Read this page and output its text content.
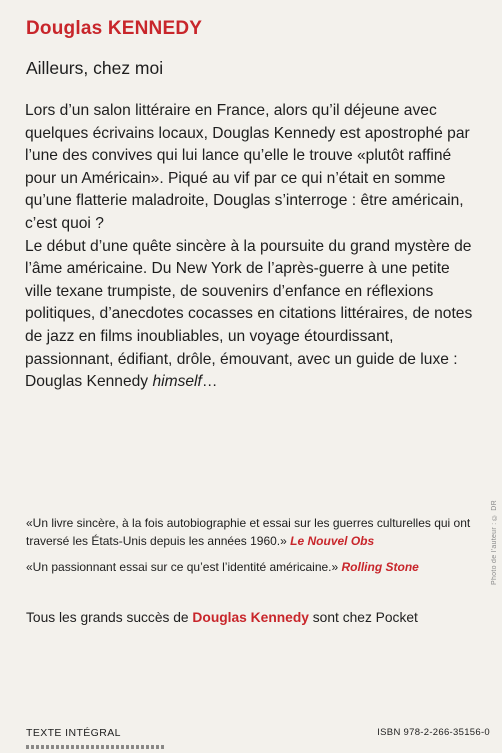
Douglas KENNEDY
Ailleurs, chez moi

Lors d’un salon littéraire en France, alors qu’il déjeune avec quelques écrivains locaux, Douglas Kennedy est apostrophé par l’une des convives qui lui lance qu’elle le trouve «plutôt raffiné pour un Américain». Piqué au vif par ce qui n’était en somme qu’une flatterie maladroite, Douglas s’interroge : être américain, c’est quoi ?

Le début d’une quête sincère à la poursuite du grand mystère de l’âme américaine. Du New York de l’après-guerre à une petite ville texane trumpiste, de souvenirs d’enfance en réflexions politiques, d’anecdotes cocasses en citations littéraires, de notes de jazz en films inoubliables, un voyage étourdissant, passionnant, édifiant, drôle, émouvant, avec un guide de luxe : Douglas Kennedy himself…

«Un livre sincère, à la fois autobiographie et essai sur les guerres culturelles qui ont traversé les États-Unis depuis les années 1960.» Le Nouvel Obs
«Un passionnant essai sur ce qu’est l’identité américaine.» Rolling Stone
Tous les grands succès de Douglas Kennedy sont chez Pocket
Photo de l’auteur : © DR
TEXTE INTÉGRAL	ISBN 978-2-266-35156-0
